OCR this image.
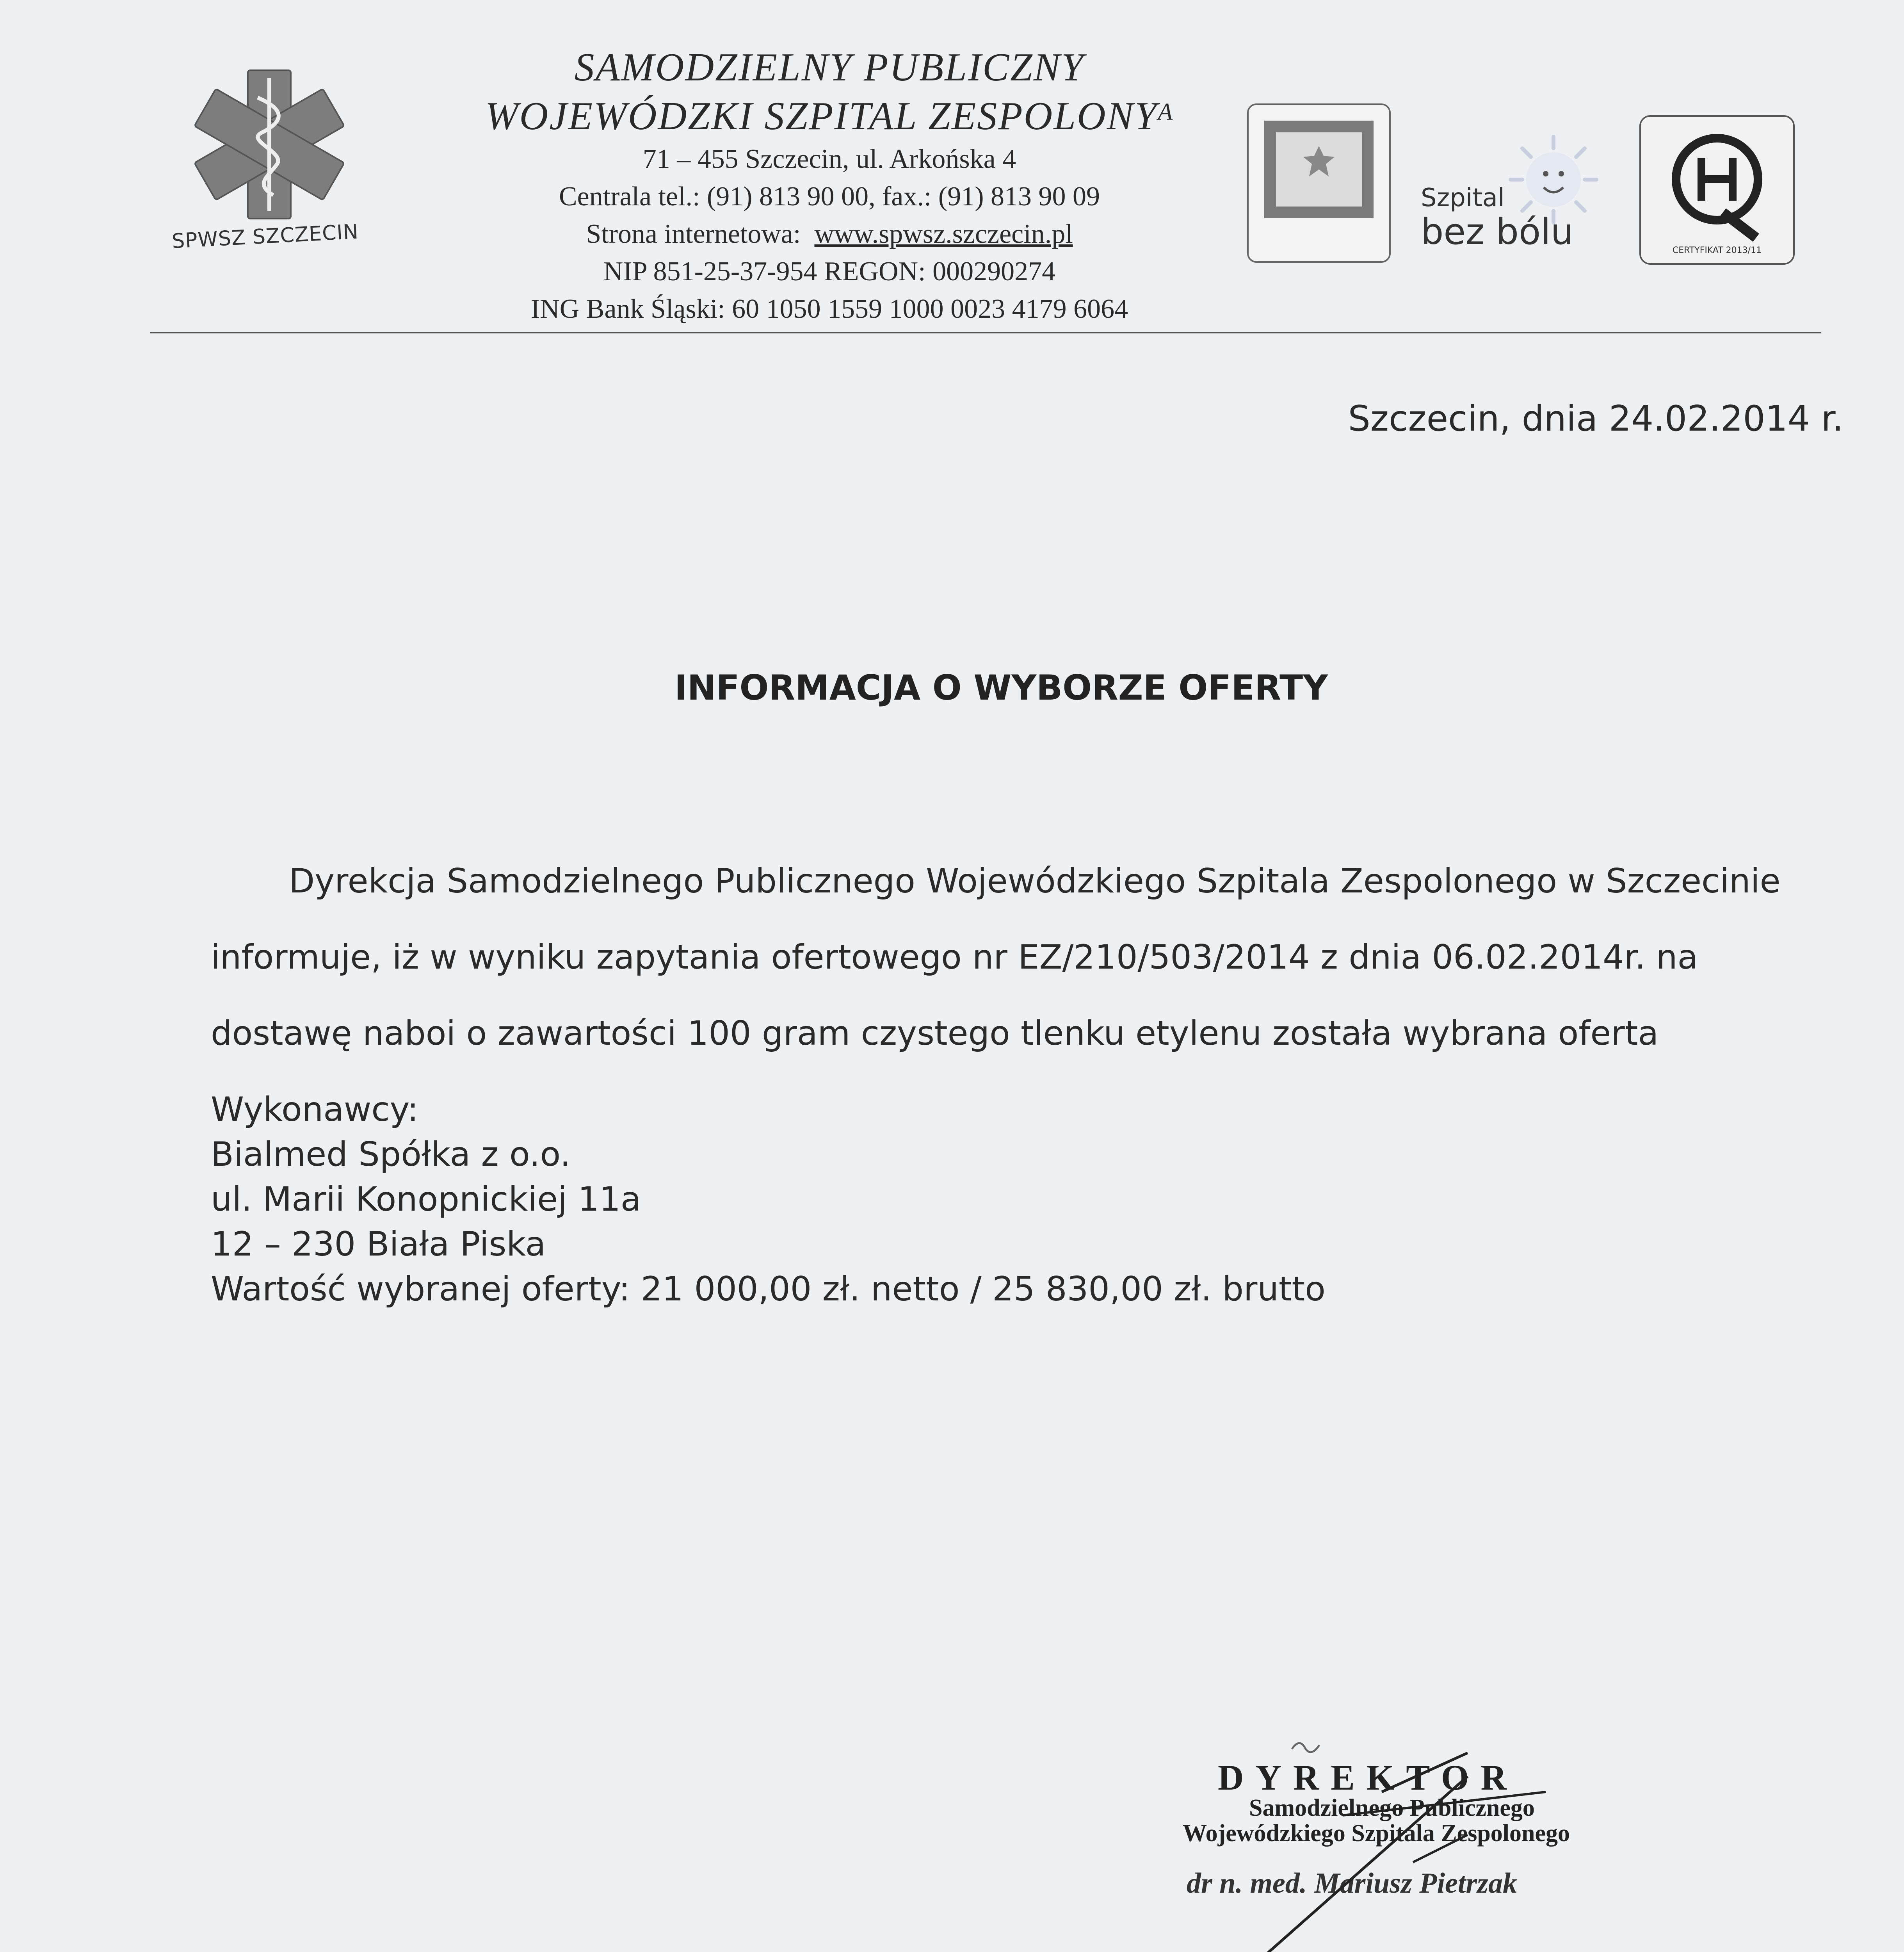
SPWSZ SZCZECIN
SAMODZIELNY PUBLICZNY
WOJEWÓDZKI SZPITAL $ZESPOLONY^A$
71 – 455 Szczecin, ul. Arkońska 4
Centrala tel.: (91) 813 90 00, fax.: (91) 813 90 09
Strona internetowa: www.spwsz.szczecin.pl
NIP 851-25-37-954 REGON: 000290274
ING Bank Śląski: 60 1050 1559 1000 0023 4179 6064
Szpital
bez bólu	CERTYFIKAT 2013/11
Szczecin, dnia 24.02.2014 r.
INFORMACJA O WYBORZE OFERTY
Dyrekcja Samodzielnego Publicznego Wojewódzkiego Szpitala Zespolonego w Szczecinie
informuje, iż w wyniku zapytania ofertowego nr EZ/210/503/2014 z dnia 06.02.2014r. na
dostawę naboi o zawartości 100 gram czystego tlenku etylenu została wybrana oferta
Wykonawcy:
Bialmed Spółka z o.o.
ul. Marii Konopnickiej 11a
12 – 230 Biała Piska
Wartość wybranej oferty: 21 000,00 zł. netto / 25 830,00 zł. brutto
DYREKTOR
Samodzielnego Publicznego
Wojewódzkiego Szpitala Zespolonego
dr n. med. Mariusz Pietrzak
